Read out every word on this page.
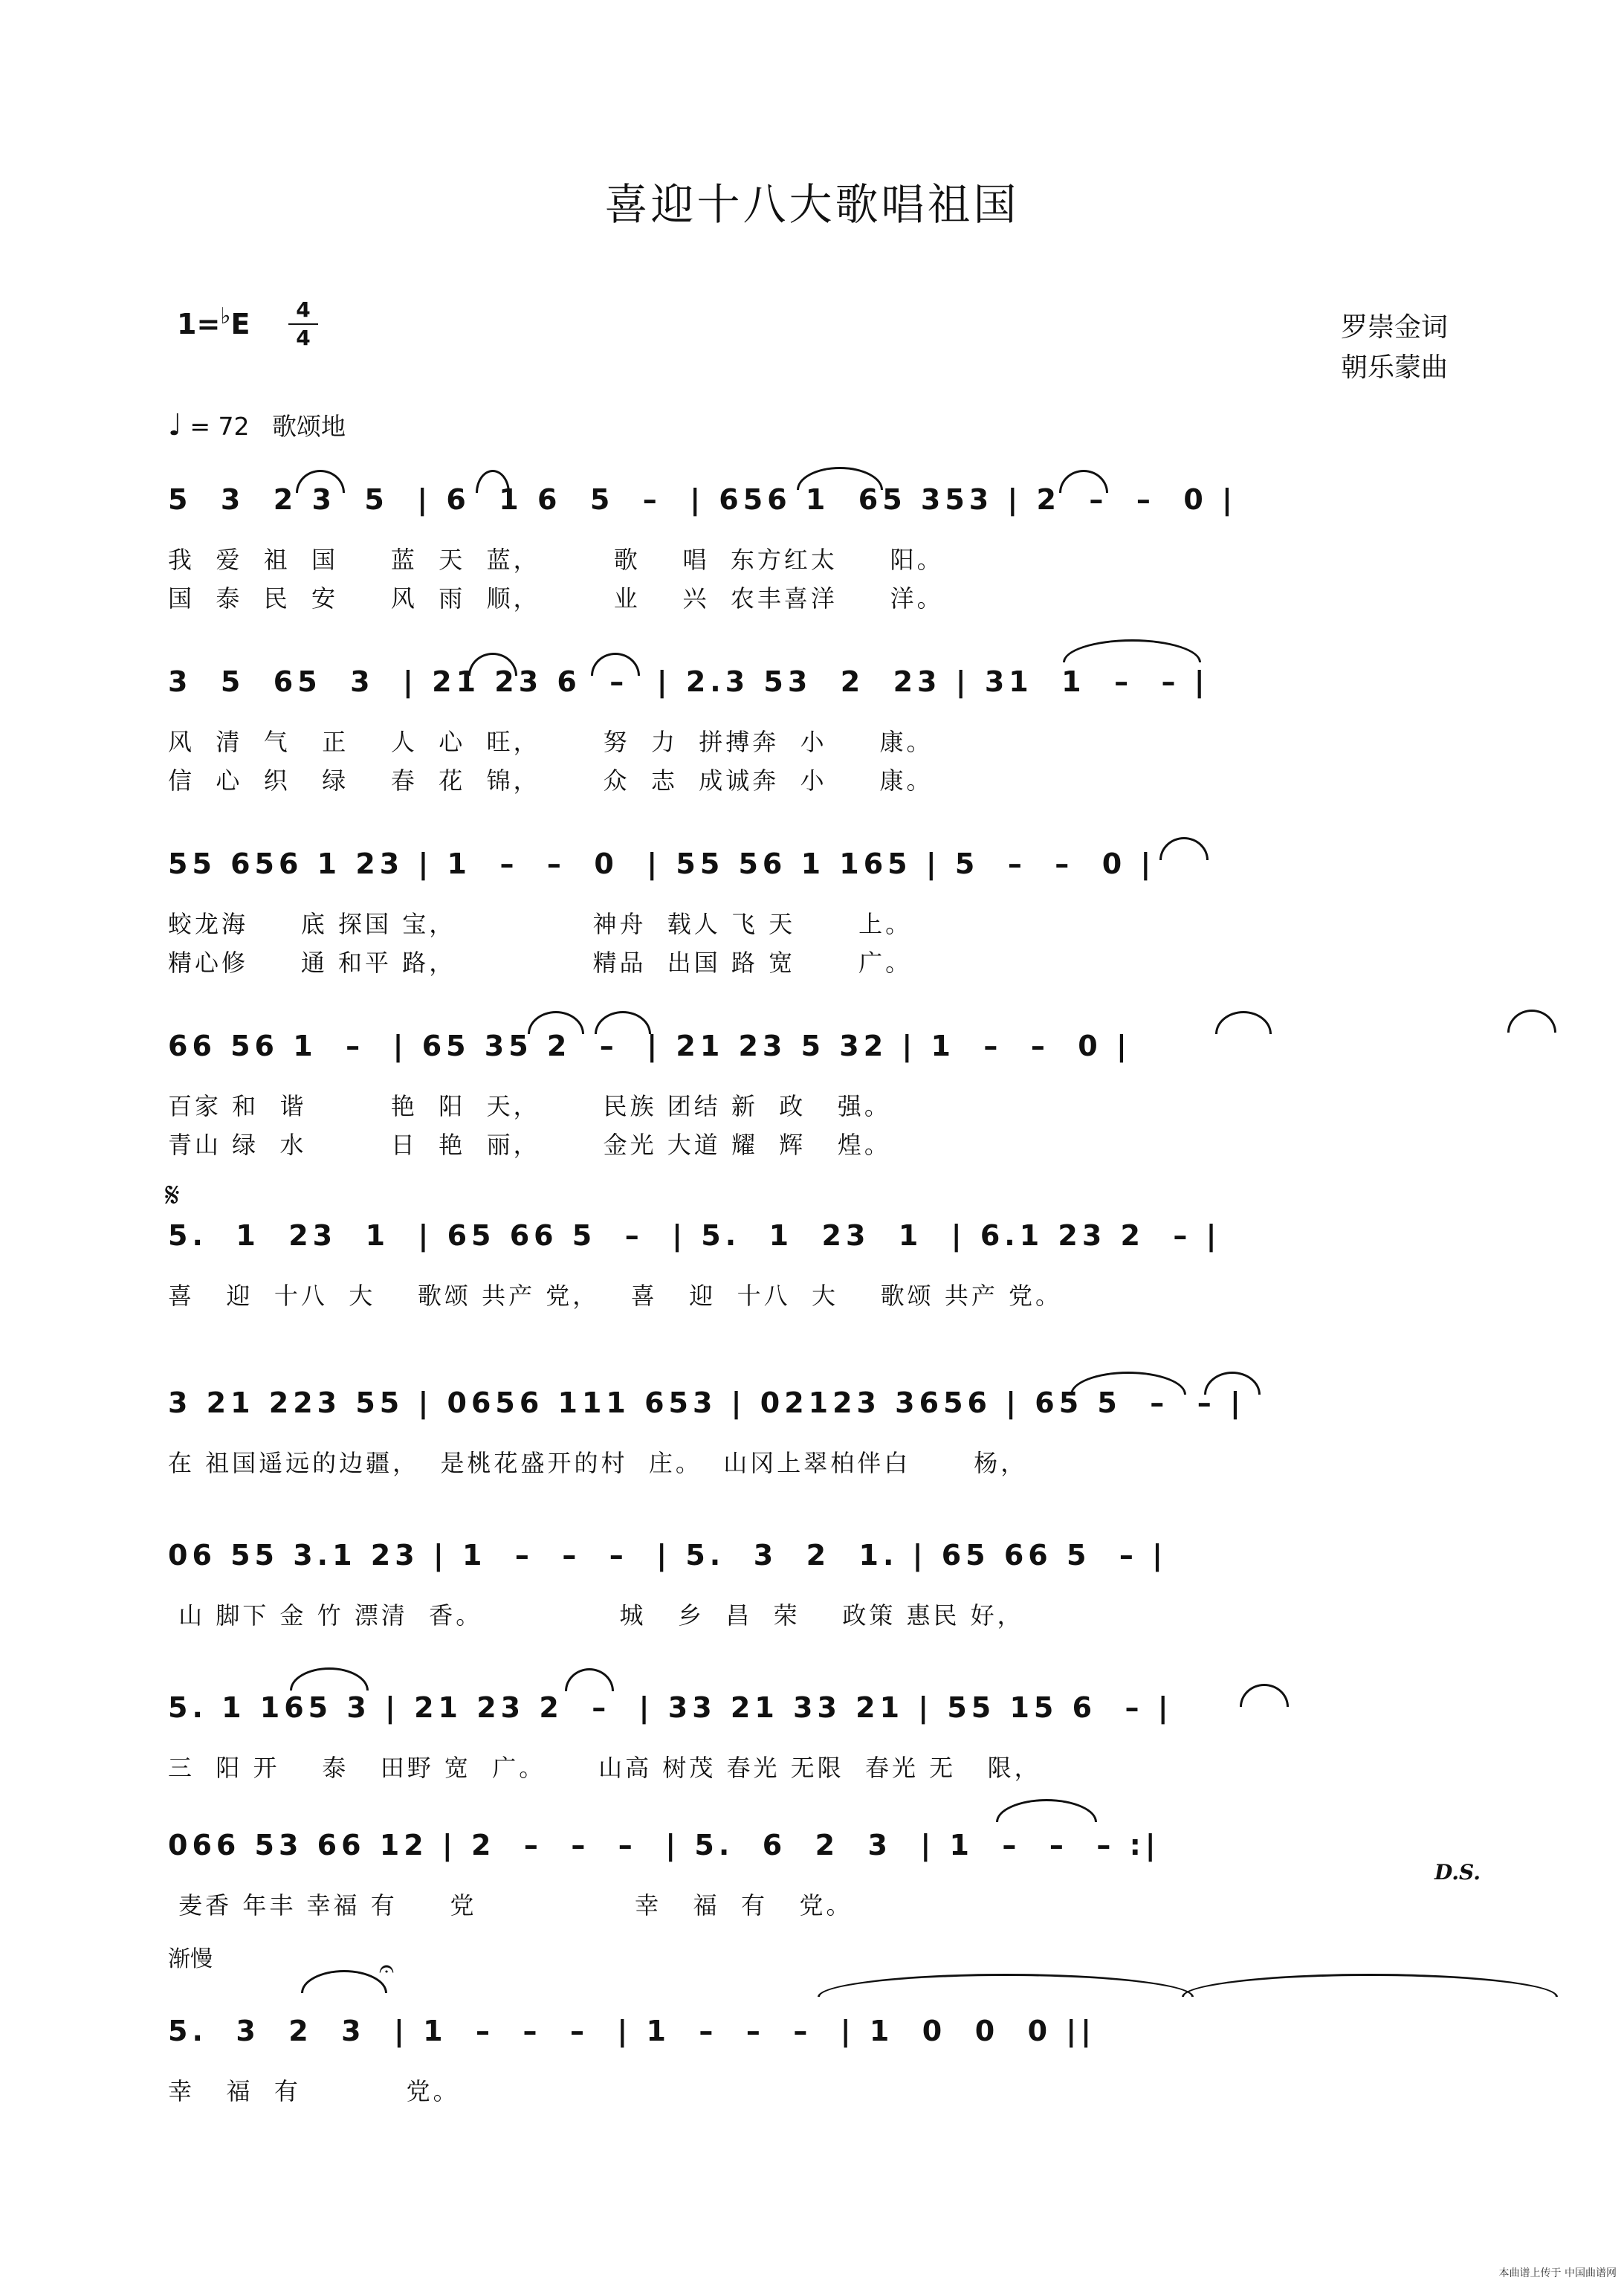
喜迎十八大歌唱祖国
1=♭E	4
4	罗崇金词
朝乐蒙曲
♩ = 72 歌颂地
5  3  2 3  5  | 6  1 6  5  –  | 656 1  65 353 | 2  –  –  0 |
我  爱  祖  国     蓝  天  蓝，       歌    唱  东方红太     阳。
国  泰  民  安     风  雨  顺，       业    兴  农丰喜洋     洋。
3  5  65  3  | 21 23 6  –  | 2.3 53  2  23 | 31  1  –  – |
风  清  气   正    人  心  旺，      努  力  拼搏奔  小     康。
信  心  织   绿    春  花  锦，      众  志  成诚奔  小     康。
55 656 1 23 | 1  –  –  0  | 55 56 1 165 | 5  –  –  0 |
蛟龙海     底 探国 宝，             神舟  载人 飞 天      上。
精心修     通 和平 路，             精品  出国 路 宽      广。
66 56 1  –  | 65 35 2  –  | 21 23 5 32 | 1  –  –  0 |
百家 和  谐        艳  阳  天，      民族 团结 新  政   强。
青山 绿  水        日  艳  丽，      金光 大道 耀  辉   煌。
5.  1  23  1  | 65 66 5  –  | 5.  1  23  1  | 6.1 23 2  – |
喜   迎  十八  大    歌颂 共产 党，   喜   迎  十八  大    歌颂 共产 党。
3 21 223 55 | 0656 111 653 | 02123 3656 | 65 5  –  – |
在 祖国遥远的边疆，  是桃花盛开的村  庄。  山冈上翠柏伴白      杨，
06 55 3.1 23 | 1  –  –  –  | 5.  3  2  1. | 65 66 5  – |
山 脚下 金 竹 漂清  香。             城   乡  昌  荣    政策 惠民 好，
5. 1 165 3 | 21 23 2  –  | 33 21 33 21 | 55 15 6  – |
三  阳 开    泰   田野 宽  广。     山高 树茂 春光 无限  春光 无   限，
066 53 66 12 | 2  –  –  –  | 5.  6  2  3  | 1  –  –  – :|
麦香 年丰 幸福 有     党               幸   福  有   党。
5.  3  2  3  | 1  –  –  –  | 1  –  –  –  | 1  0  0  0 ||
幸   福  有          党。
𝄋
D.S.
渐慢	𝄐
本曲谱上传于 中国曲谱网
